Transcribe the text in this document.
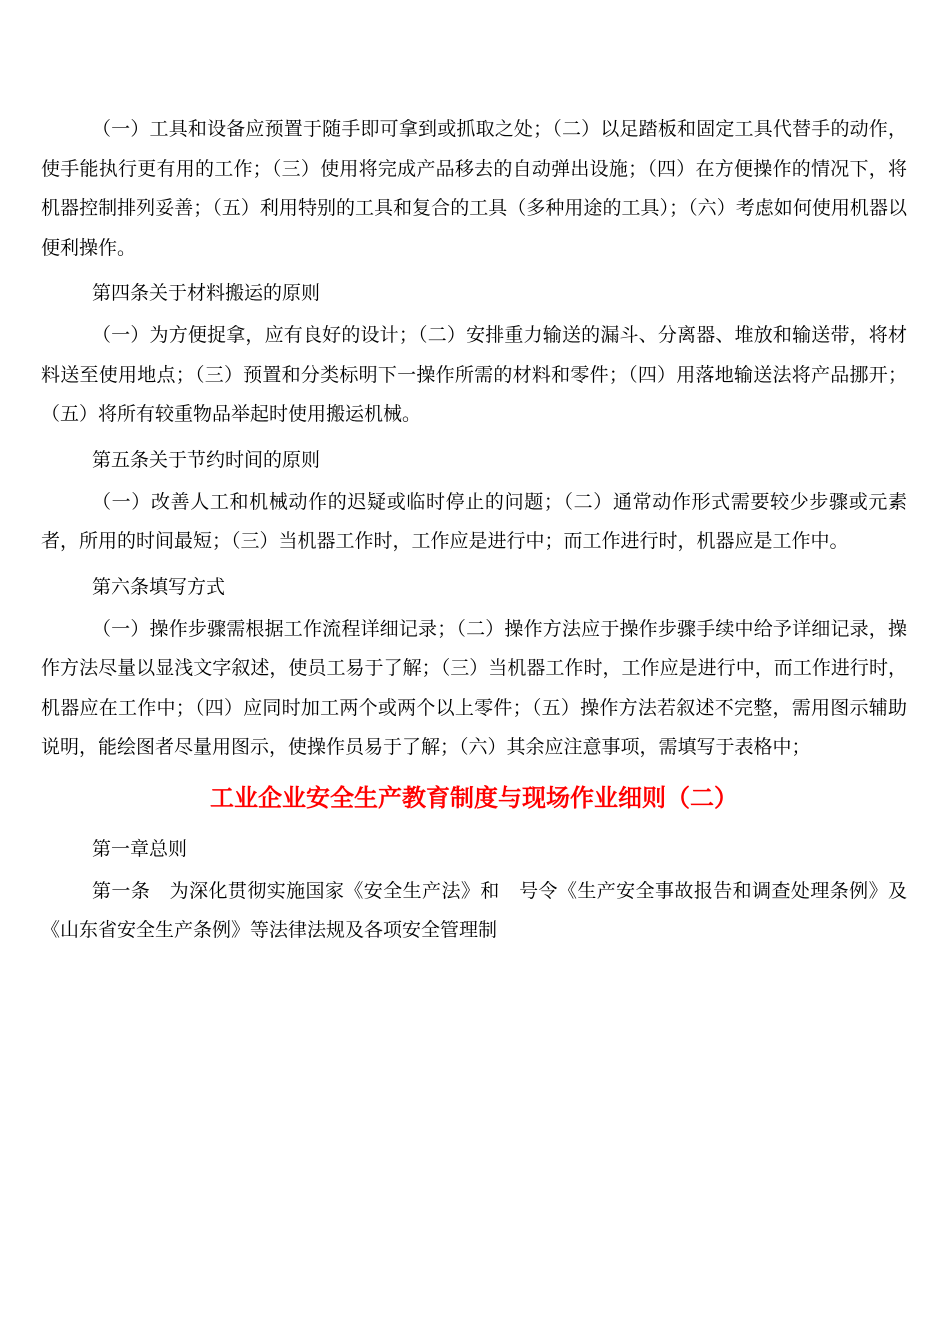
（一）工具和设备应预置于随手即可拿到或抓取之处；（二）以足踏板和固定工具代替手的动作，使手能执行更有用的工作；（三）使用将完成产品移去的自动弹出设施；（四）在方便操作的情况下，将机器控制排列妥善；（五）利用特别的工具和复合的工具（多种用途的工具）；（六）考虑如何使用机器以便利操作。

第四条关于材料搬运的原则

（一）为方便捉拿，应有良好的设计；（二）安排重力输送的漏斗、分离器、堆放和输送带，将材料送至使用地点；（三）预置和分类标明下一操作所需的材料和零件；（四）用落地输送法将产品挪开；（五）将所有较重物品举起时使用搬运机械。

第五条关于节约时间的原则

（一）改善人工和机械动作的迟疑或临时停止的问题；（二）通常动作形式需要较少步骤或元素者，所用的时间最短；（三）当机器工作时，工作应是进行中；而工作进行时，机器应是工作中。

第六条填写方式

（一）操作步骤需根据工作流程详细记录；（二）操作方法应于操作步骤手续中给予详细记录，操作方法尽量以显浅文字叙述，使员工易于了解；（三）当机器工作时，工作应是进行中，而工作进行时，机器应在工作中；（四）应同时加工两个或两个以上零件；（五）操作方法若叙述不完整，需用图示辅助说明，能绘图者尽量用图示，使操作员易于了解；（六）其余应注意事项，需填写于表格中；

工业企业安全生产教育制度与现场作业细则（二）

第一章总则

第一条　为深化贯彻实施国家《安全生产法》和　号令《生产安全事故报告和调查处理条例》及《山东省安全生产条例》等法律法规及各项安全管理制
